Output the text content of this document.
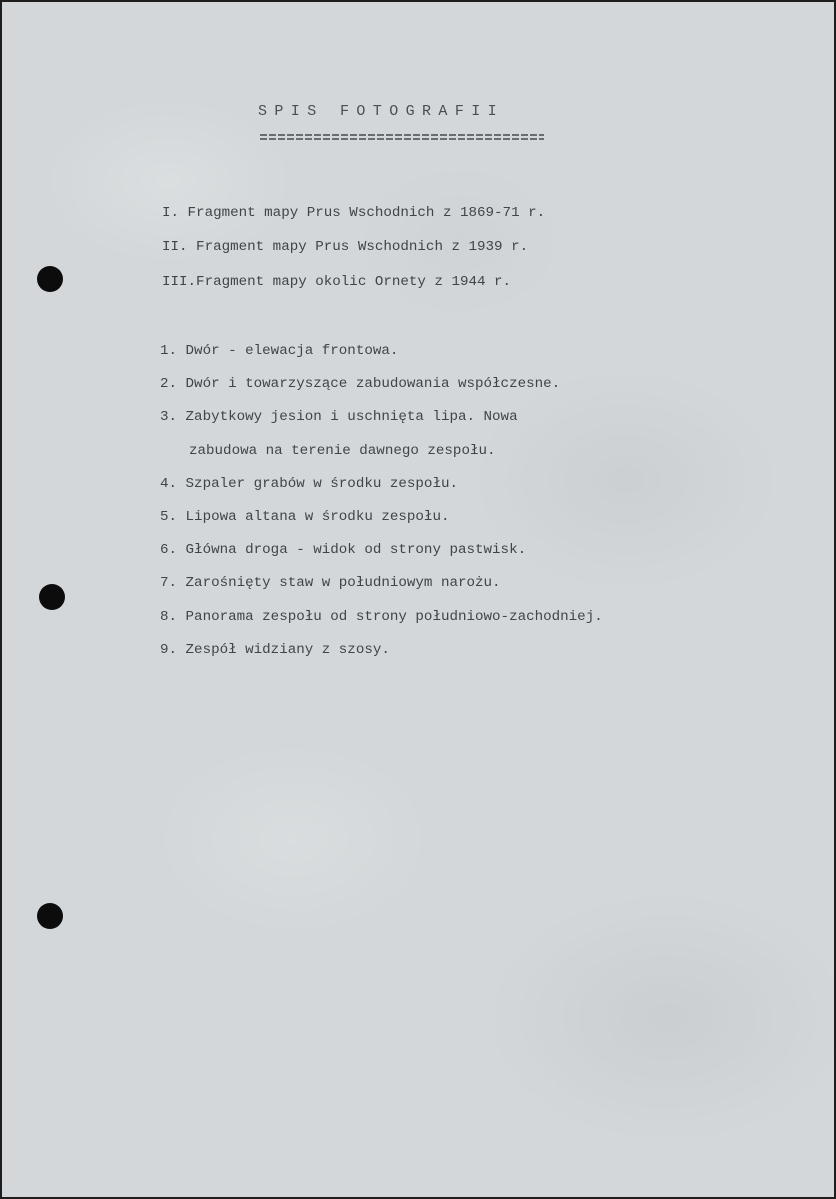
SPIS FOTOGRAFII
I. Fragment mapy Prus Wschodnich z 1869-71 r.
II. Fragment mapy Prus Wschodnich z 1939 r.
III.Fragment mapy okolic Ornety z 1944 r.
1. Dwór - elewacja frontowa.
2. Dwór i towarzyszące zabudowania współczesne.
3. Zabytkowy jesion i uschnięta lipa. Nowa
zabudowa na terenie dawnego zespołu.
4. Szpaler grabów w środku zespołu.
5. Lipowa altana w środku zespołu.
6. Główna droga - widok od strony pastwisk.
7. Zarośnięty staw w południowym narożu.
8. Panorama zespołu od strony południowo-zachodniej.
9. Zespół widziany z szosy.
